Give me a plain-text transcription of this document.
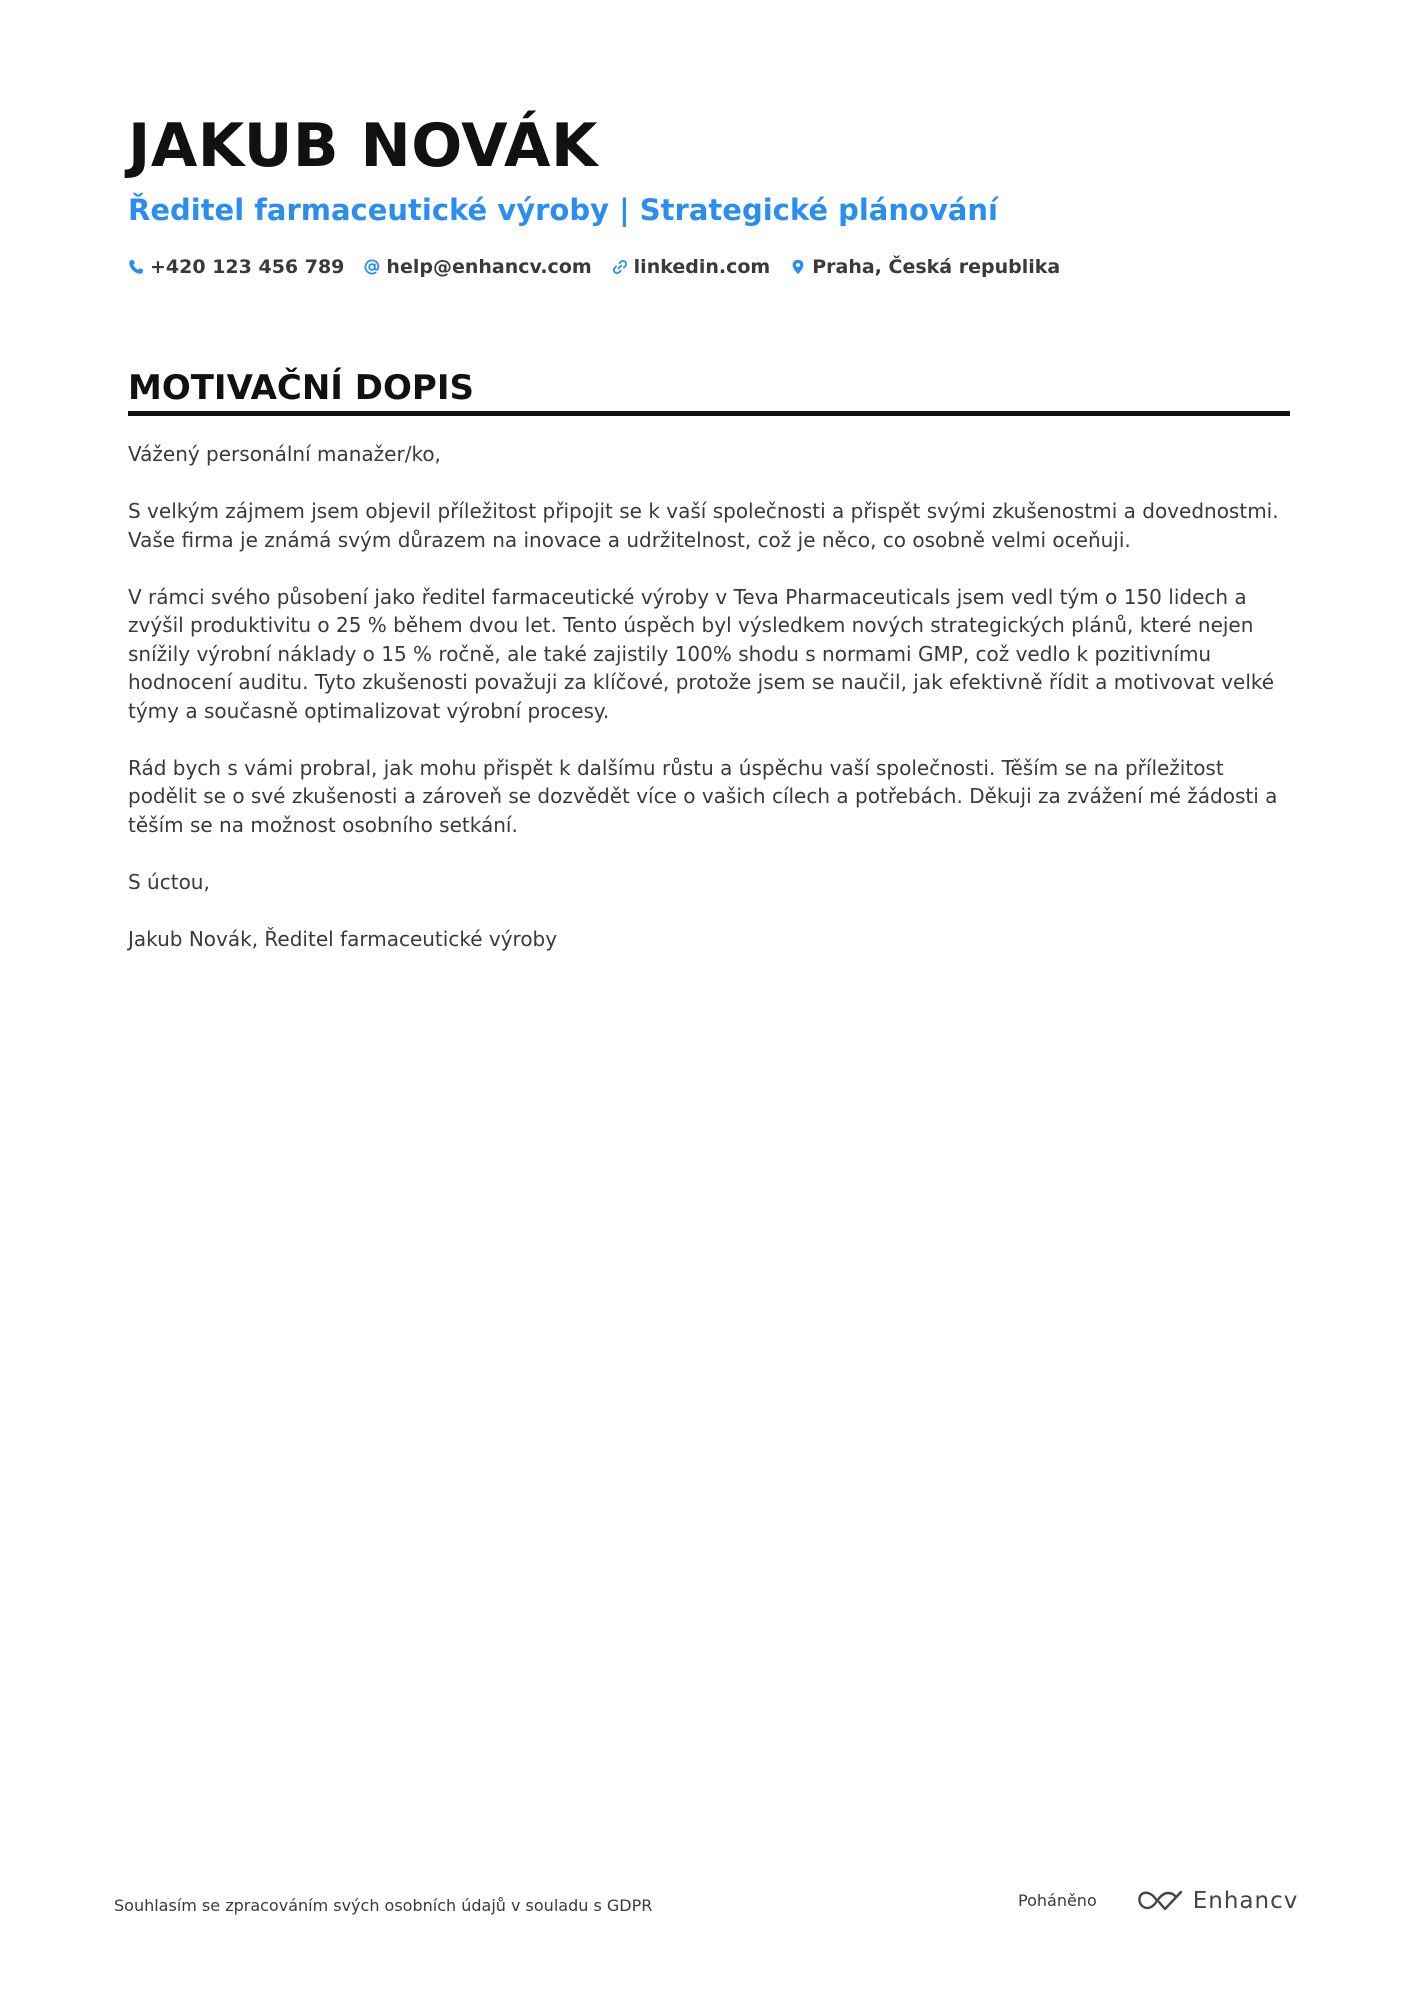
JAKUB NOVÁK
Ředitel farmaceutické výroby | Strategické plánování
+420 123 456 789 help@enhancv.com linkedin.com Praha, Česká republika
MOTIVAČNÍ DOPIS

Vážený personální manažer/ko,

S velkým zájmem jsem objevil příležitost připojit se k vaší společnosti a přispět svými zkušenostmi a dovednostmi. Vaše firma je známá svým důrazem na inovace a udržitelnost, což je něco, co osobně velmi oceňuji.

V rámci svého působení jako ředitel farmaceutické výroby v Teva Pharmaceuticals jsem vedl tým o 150 lidech a zvýšil produktivitu o 25 % během dvou let. Tento úspěch byl výsledkem nových strategických plánů, které nejen snížily výrobní náklady o 15 % ročně, ale také zajistily 100% shodu s normami GMP, což vedlo k pozitivnímu hodnocení auditu. Tyto zkušenosti považuji za klíčové, protože jsem se naučil, jak efektivně řídit a motivovat velké týmy a současně optimalizovat výrobní procesy.

Rád bych s vámi probral, jak mohu přispět k dalšímu růstu a úspěchu vaší společnosti. Těším se na příležitost podělit se o své zkušenosti a zároveň se dozvědět více o vašich cílech a potřebách. Děkuji za zvážení mé žádosti a těším se na možnost osobního setkání.

S úctou,

Jakub Novák, Ředitel farmaceutické výroby

Souhlasím se zpracováním svých osobních údajů v souladu s GDPR	Poháněno	Enhancv
